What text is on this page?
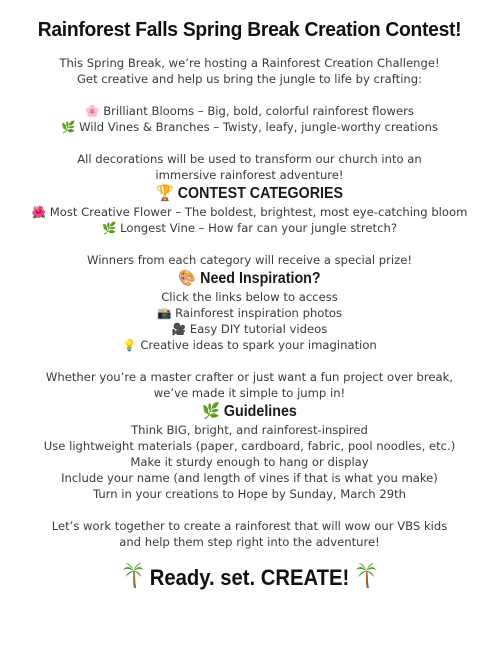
Rainforest Falls Spring Break Creation Contest!
This Spring Break, we’re hosting a Rainforest Creation Challenge!
Get creative and help us bring the jungle to life by crafting:
🌸 Brilliant Blooms – Big, bold, colorful rainforest flowers
🌿 Wild Vines & Branches – Twisty, leafy, jungle-worthy creations
All decorations will be used to transform our church into an
immersive rainforest adventure!
🏆 CONTEST CATEGORIES
🌺 Most Creative Flower – The boldest, brightest, most eye-catching bloom
🌿 Longest Vine – How far can your jungle stretch?
Winners from each category will receive a special prize!
🎨 Need Inspiration?
Click the links below to access
📸 Rainforest inspiration photos
🎥 Easy DIY tutorial videos
💡 Creative ideas to spark your imagination
Whether you’re a master crafter or just want a fun project over break,
we’ve made it simple to jump in!
🌿 Guidelines
Think BIG, bright, and rainforest-inspired
Use lightweight materials (paper, cardboard, fabric, pool noodles, etc.)
Make it sturdy enough to hang or display
Include your name (and length of vines if that is what you make)
Turn in your creations to Hope by Sunday, March 29th
Let’s work together to create a rainforest that will wow our VBS kids
and help them step right into the adventure!
Ready. set. CREATE!
